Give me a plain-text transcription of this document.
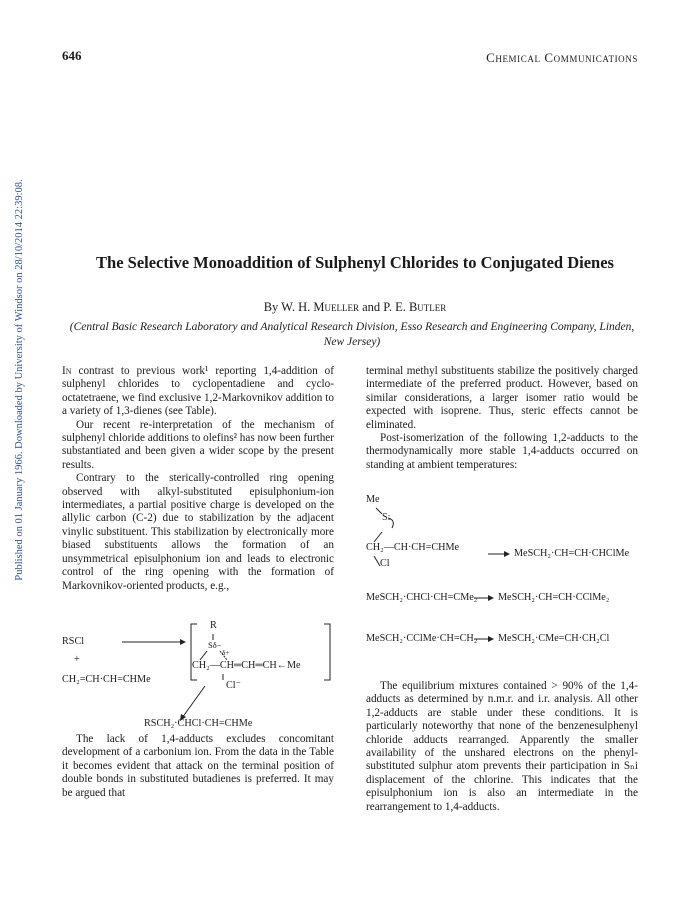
646	Chemical Communications
Published on 01 January 1966. Downloaded by University of Windsor on 28/10/2014 22:39:08.	The Selective Monoaddition of Sulphenyl Chlorides to Conjugated Dienes
By W. H. Mueller and P. E. Butler
(Central Basic Research Laboratory and Analytical Research Division, Esso Research and Engineering Company, Linden, New Jersey)

In contrast to previous work¹ reporting 1,4-addition of sulphenyl chlorides to cyclopentadiene and cyclo-octatetraene, we find exclusive 1,2-Markovnikov addition to a variety of 1,3-dienes (see Table).

Our recent re-interpretation of the mechanism of sulphenyl chloride additions to olefins² has now been further substantiated and been given a wider scope by the present results.

Contrary to the sterically-controlled ring opening observed with alkyl-substituted episulphonium-ion intermediates, a partial positive charge is developed on the allylic carbon (C-2) due to stabilization by the adjacent vinylic substituent. This stabilization by electronically more biased substituents allows the formation of an unsymmetrical episulphonium ion and leads to electronic control of the ring opening with the formation of Markovnikov-oriented products, e.g.,

RSCl
+
CH₂=CH·CH=CHMe
R
Sδ−
δ+
CH₂—CH═CH═CH←Me
Cl⁻
RSCH₂·CHCl·CH=CHMe

The lack of 1,4-adducts excludes concomitant development of a carbonium ion. From the data in the Table it becomes evident that attack on the terminal position of double bonds in substituted butadienes is preferred. It may be argued that

terminal methyl substituents stabilize the positively charged intermediate of the preferred product. However, based on similar considerations, a larger isomer ratio would be expected with isoprene. Thus, steric effects cannot be eliminated.

Post-isomerization of the following 1,2-adducts to the thermodynamically more stable 1,4-adducts occurred on standing at ambient temperatures:

Me
S:
CH₂—CH·CH=CHMe
Cl
MeSCH₂·CH=CH·CHClMe
MeSCH₂·CHCl·CH=CMe₂ MeSCH₂·CH=CH·CClMe₂
MeSCH₂·CClMe·CH=CH₂ MeSCH₂·CMe=CH·CH₂Cl

The equilibrium mixtures contained > 90% of the 1,4-adducts as determined by n.m.r. and i.r. analysis. All other 1,2-adducts are stable under these conditions. It is particularly noteworthy that none of the benzenesulphenyl chloride adducts rearranged. Apparently the smaller availability of the unshared electrons on the phenyl-substituted sulphur atom prevents their participation in Sₙi displacement of the chlorine. This indicates that the episulphonium ion is also an intermediate in the rearrangement to 1,4-adducts.
